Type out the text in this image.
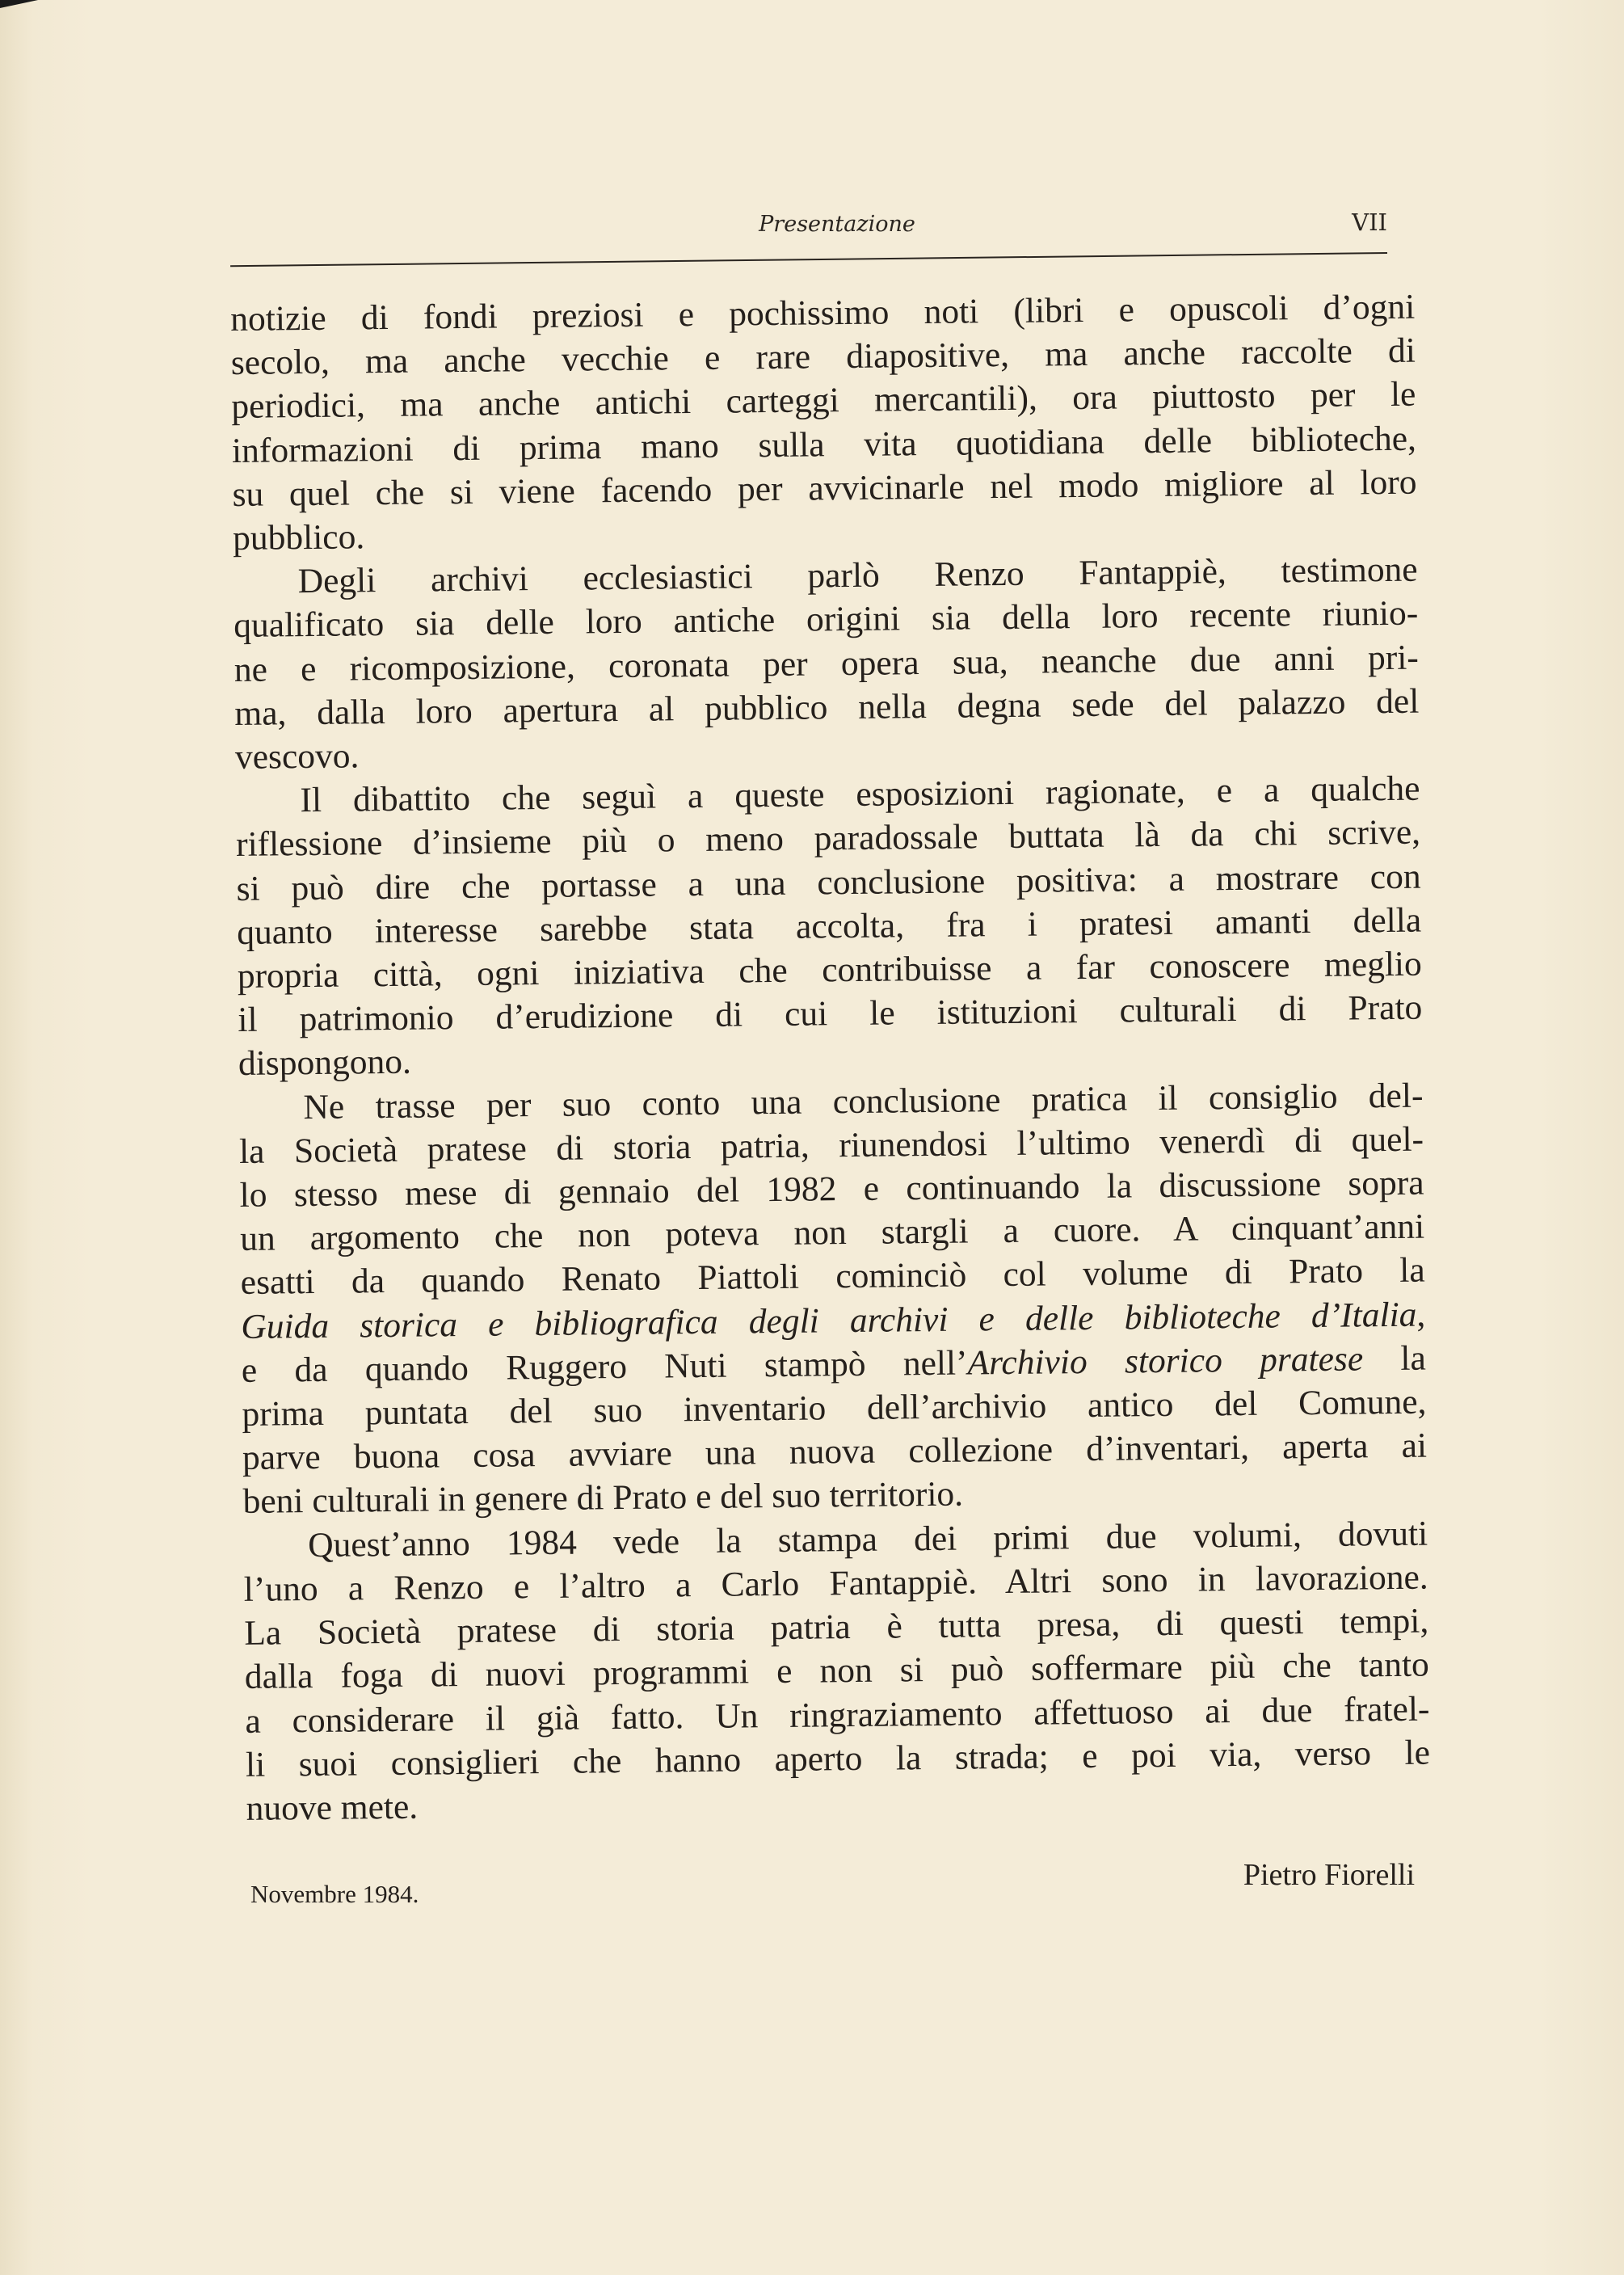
Presentazione	VII
notizie di fondi preziosi e pochissimo noti (libri e opuscoli d’ogni
secolo, ma anche vecchie e rare diapositive, ma anche raccolte di
periodici, ma anche antichi carteggi mercantili), ora piuttosto per le
informazioni di prima mano sulla vita quotidiana delle biblioteche,
su quel che si viene facendo per avvicinarle nel modo migliore al loro
pubblico.
Degli archivi ecclesiastici parlò Renzo Fantappiè, testimone
qualificato sia delle loro antiche origini sia della loro recente riunio-
ne e ricomposizione, coronata per opera sua, neanche due anni pri-
ma, dalla loro apertura al pubblico nella degna sede del palazzo del
vescovo.
Il dibattito che seguì a queste esposizioni ragionate, e a qualche
riflessione d’insieme più o meno paradossale buttata là da chi scrive,
si può dire che portasse a una conclusione positiva: a mostrare con
quanto interesse sarebbe stata accolta, fra i pratesi amanti della
propria città, ogni iniziativa che contribuisse a far conoscere meglio
il patrimonio d’erudizione di cui le istituzioni culturali di Prato
dispongono.
Ne trasse per suo conto una conclusione pratica il consiglio del-
la Società pratese di storia patria, riunendosi l’ultimo venerdì di quel-
lo stesso mese di gennaio del 1982 e continuando la discussione sopra
un argomento che non poteva non stargli a cuore. A cinquant’anni
esatti da quando Renato Piattoli cominciò col volume di Prato la
Guida storica e bibliografica degli archivi e delle biblioteche d’Italia,
e da quando Ruggero Nuti stampò nell’Archivio storico pratese la
prima puntata del suo inventario dell’archivio antico del Comune,
parve buona cosa avviare una nuova collezione d’inventari, aperta ai
beni culturali in genere di Prato e del suo territorio.
Quest’anno 1984 vede la stampa dei primi due volumi, dovuti
l’uno a Renzo e l’altro a Carlo Fantappiè. Altri sono in lavorazione.
La Società pratese di storia patria è tutta presa, di questi tempi,
dalla foga di nuovi programmi e non si può soffermare più che tanto
a considerare il già fatto. Un ringraziamento affettuoso ai due fratel-
li suoi consiglieri che hanno aperto la strada; e poi via, verso le
nuove mete.
Novembre 1984.
Pietro Fiorelli
